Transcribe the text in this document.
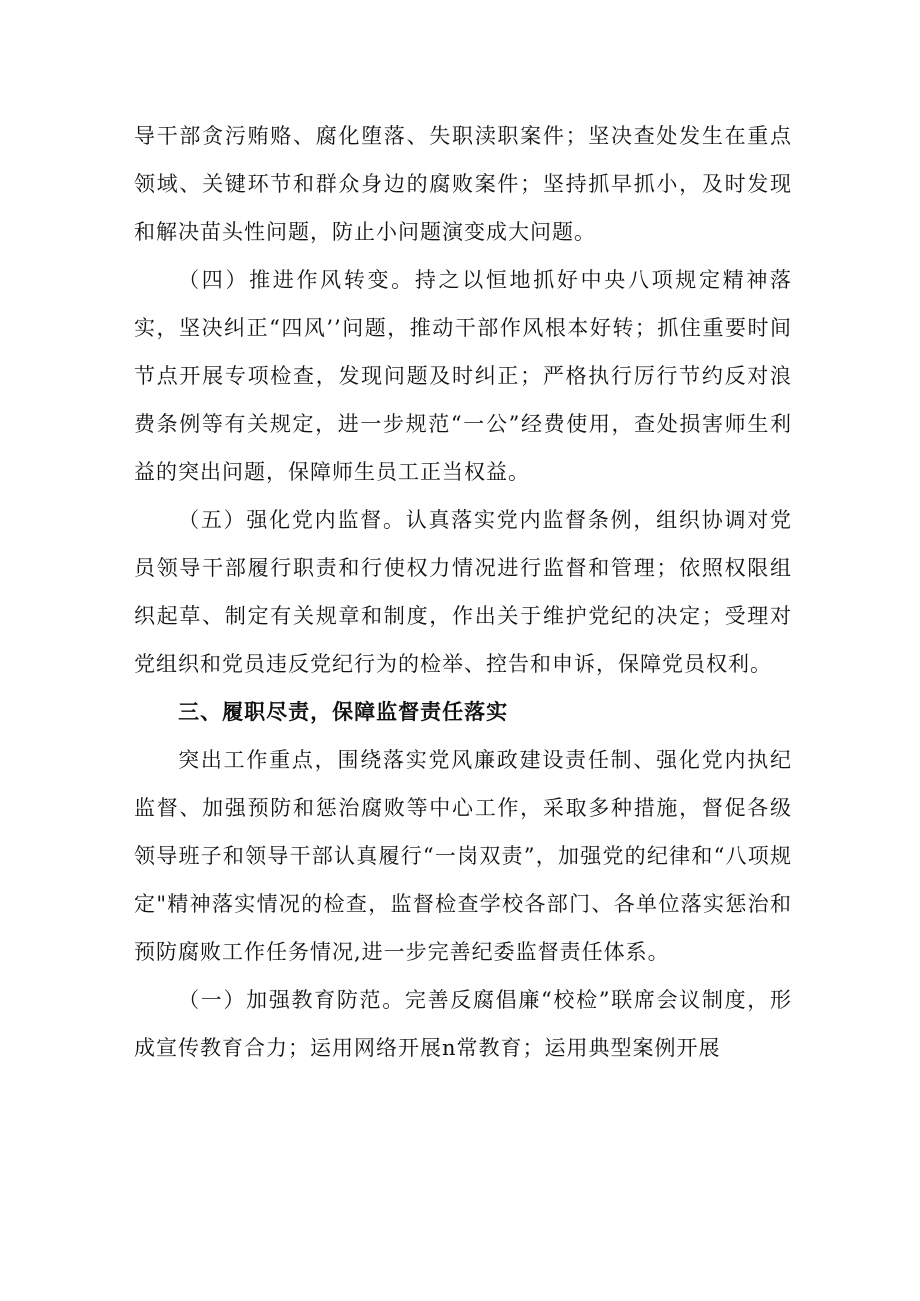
导干部贪污贿赂、腐化堕落、失职渎职案件；坚决查处发生在重点领域、关键环节和群众身边的腐败案件；坚持抓早抓小，及时发现和解决苗头性问题，防止小问题演变成大问题。

（四）推进作风转变。持之以恒地抓好中央八项规定精神落实，坚决纠正“四风’’问题，推动干部作风根本好转；抓住重要时间节点开展专项检查，发现问题及时纠正；严格执行厉行节约反对浪费条例等有关规定，进一步规范“一公”经费使用，查处损害师生利益的突出问题，保障师生员工正当权益。

（五）强化党内监督。认真落实党内监督条例，组织协调对党员领导干部履行职责和行使权力情况进行监督和管理；依照权限组织起草、制定有关规章和制度，作出关于维护党纪的决定；受理对党组织和党员违反党纪行为的检举、控告和申诉，保障党员权利。

三、履职尽责，保障监督责任落实

突出工作重点，围绕落实党风廉政建设责任制、强化党内执纪监督、加强预防和惩治腐败等中心工作，采取多种措施，督促各级领导班子和领导干部认真履行“一岗双责”，加强党的纪律和“八项规定"精神落实情况的检查，监督检查学校各部门、各单位落实惩治和预防腐败工作任务情况,进一步完善纪委监督责任体系。

（一）加强教育防范。完善反腐倡廉“校检”联席会议制度，形成宣传教育合力；运用网络开展n常教育；运用典型案例开展
